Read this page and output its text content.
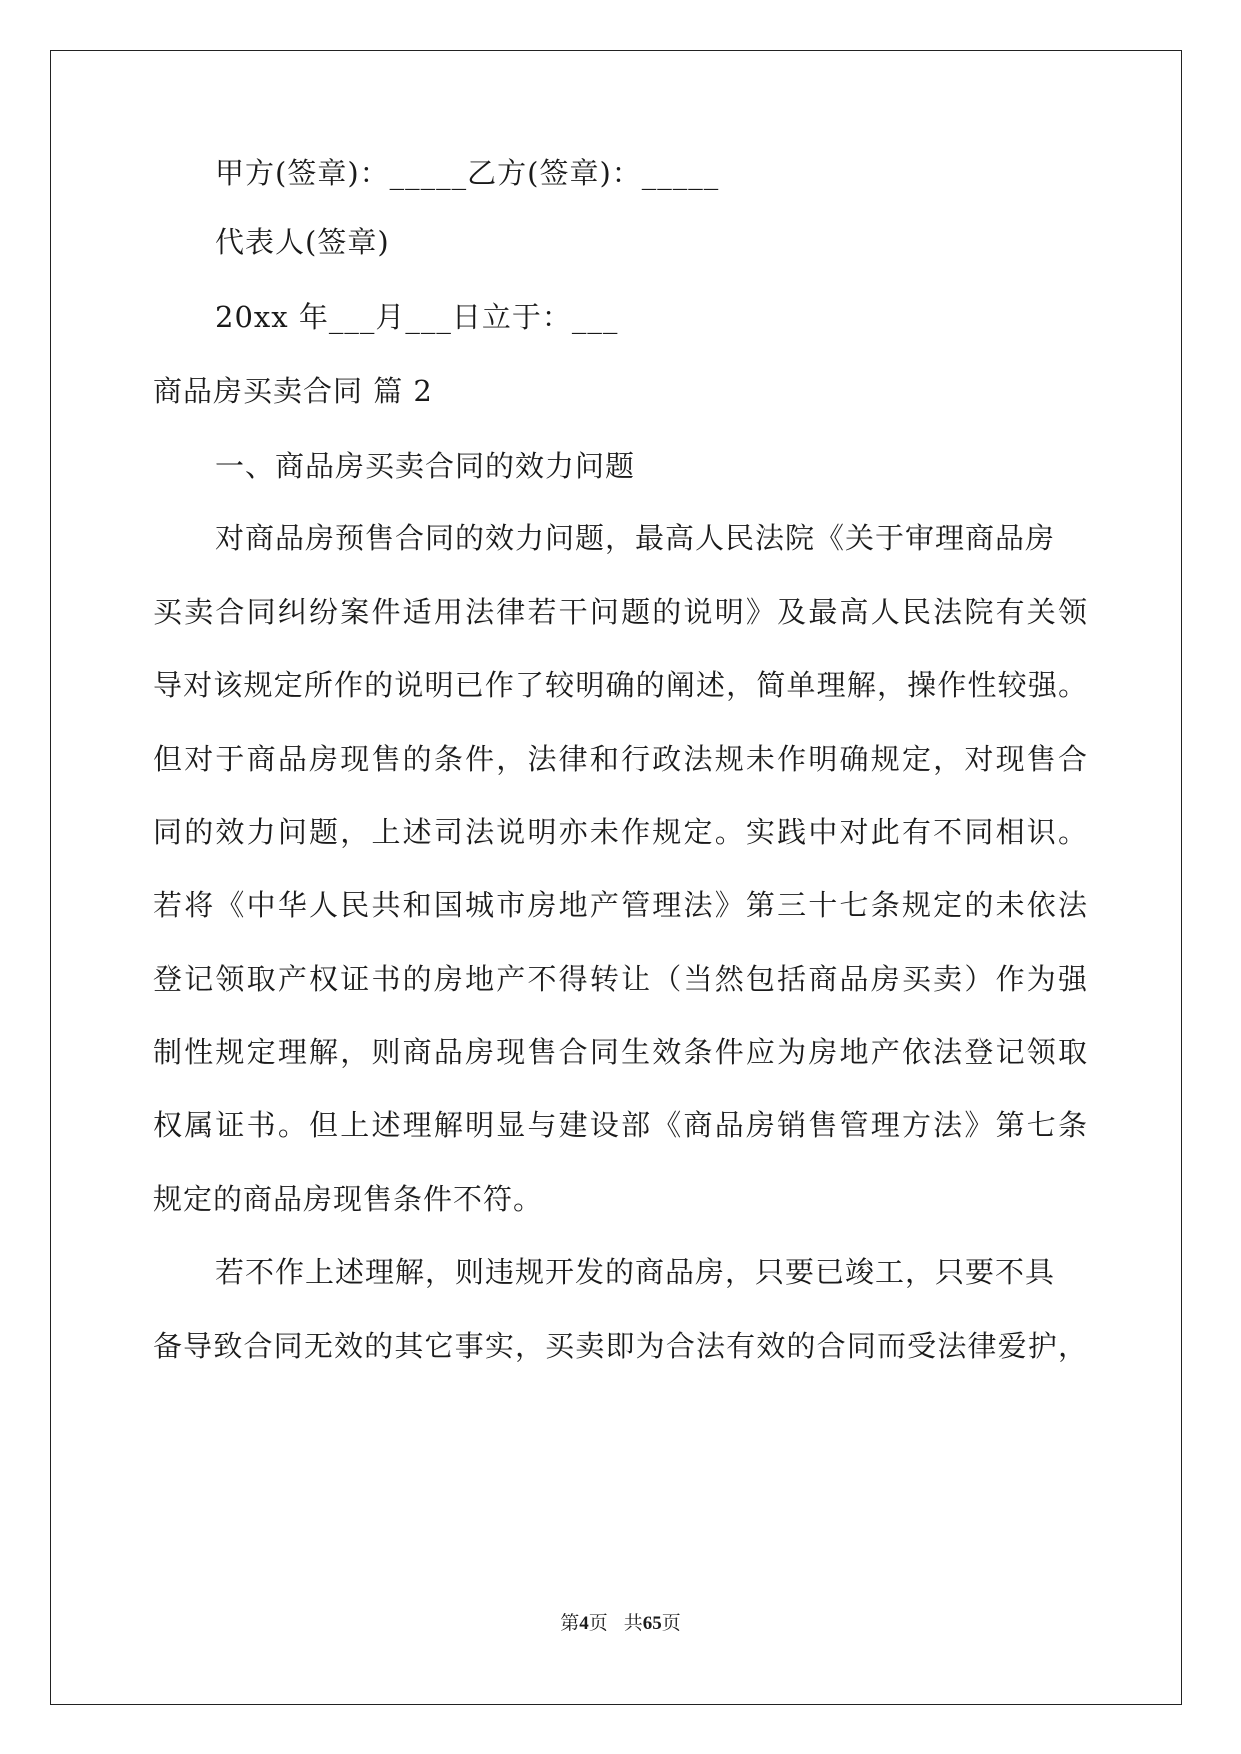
甲方(签章)：_____乙方(签章)：_____
代表人(签章)
20xx 年___月___日立于：___
商品房买卖合同 篇 2
一、商品房买卖合同的效力问题
对商品房预售合同的效力问题，最高人民法院《关于审理商品房
买卖合同纠纷案件适用法律若干问题的说明》及最高人民法院有关领
导对该规定所作的说明已作了较明确的阐述，简单理解，操作性较强。
但对于商品房现售的条件，法律和行政法规未作明确规定，对现售合
同的效力问题，上述司法说明亦未作规定。实践中对此有不同相识。
若将《中华人民共和国城市房地产管理法》第三十七条规定的未依法
登记领取产权证书的房地产不得转让（当然包括商品房买卖）作为强
制性规定理解，则商品房现售合同生效条件应为房地产依法登记领取
权属证书。但上述理解明显与建设部《商品房销售管理方法》第七条
规定的商品房现售条件不符。
若不作上述理解，则违规开发的商品房，只要已竣工，只要不具
备导致合同无效的其它事实，买卖即为合法有效的合同而受法律爱护，
第4页 共65页
